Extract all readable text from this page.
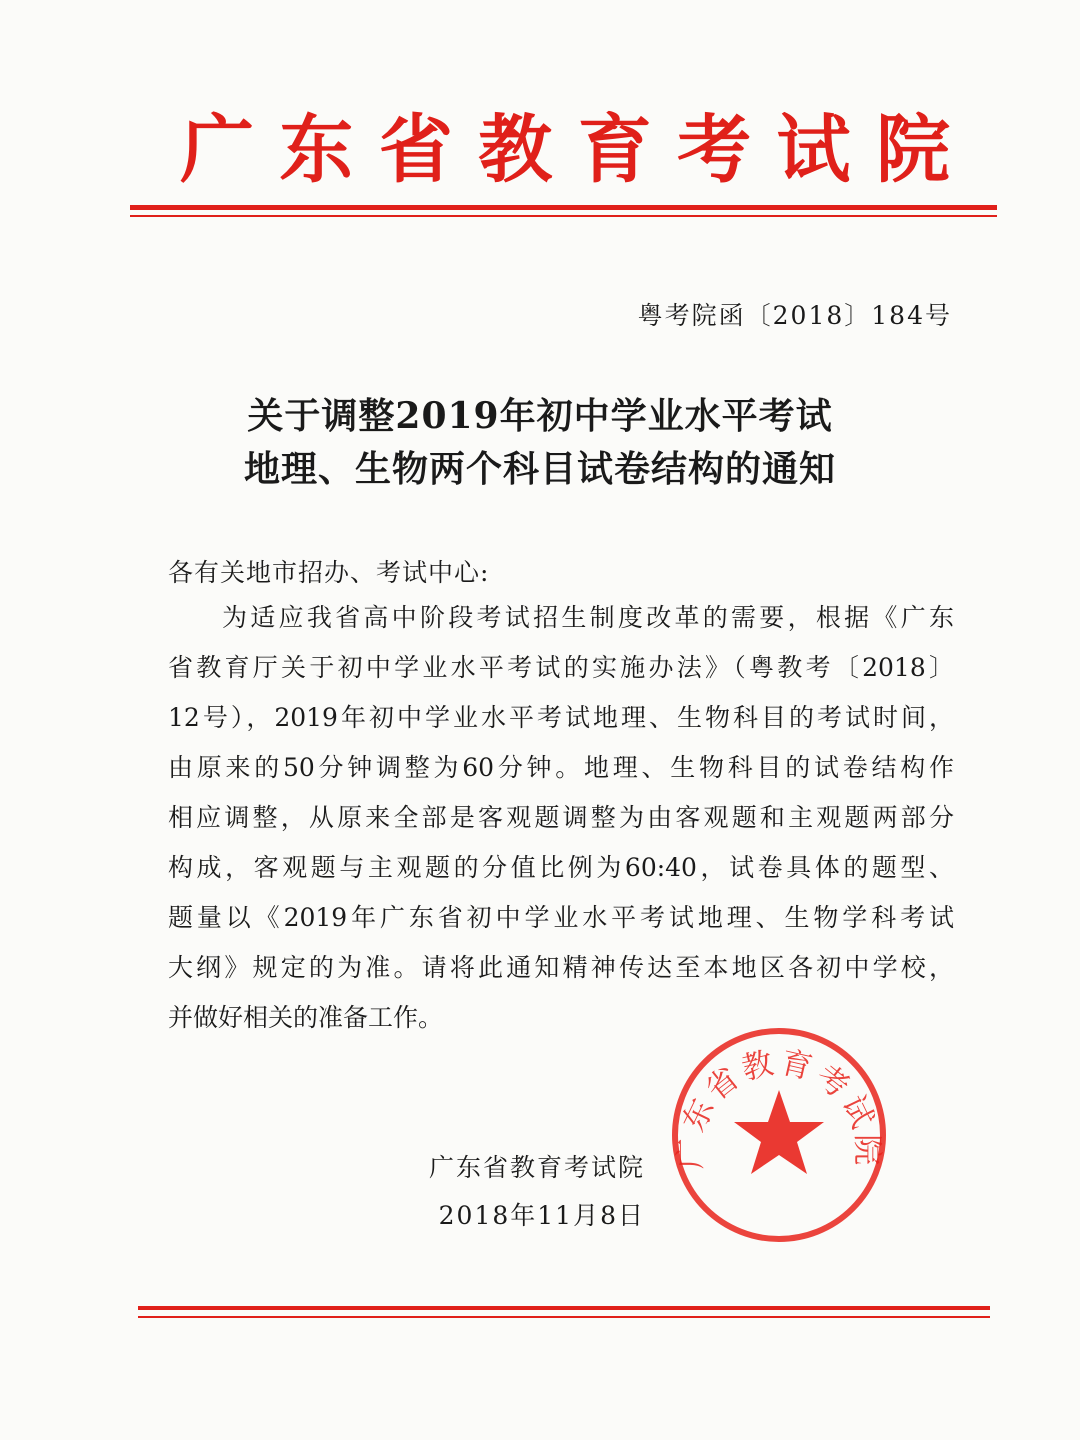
广 东 省 教 育 考 试 院
粤考院函〔2018〕184号
关于调整2019年初中学业水平考试
地理、生物两个科目试卷结构的通知
各有关地市招办、考试中心:
为适应我省高中阶段考试招生制度改革的需要，根据《广东
省教育厅关于初中学业水平考试的实施办法》（粤教考〔2018〕
12号），2019年初中学业水平考试地理、生物科目的考试时间，
由原来的50分钟调整为60分钟。地理、生物科目的试卷结构作
相应调整，从原来全部是客观题调整为由客观题和主观题两部分
构成，客观题与主观题的分值比例为60:40，试卷具体的题型、
题量以《2019年广东省初中学业水平考试地理、生物学科考试
大纲》规定的为准。请将此通知精神传达至本地区各初中学校，
并做好相关的准备工作。
广东省教育考试院
2018年11月8日
广东省教育考试院
